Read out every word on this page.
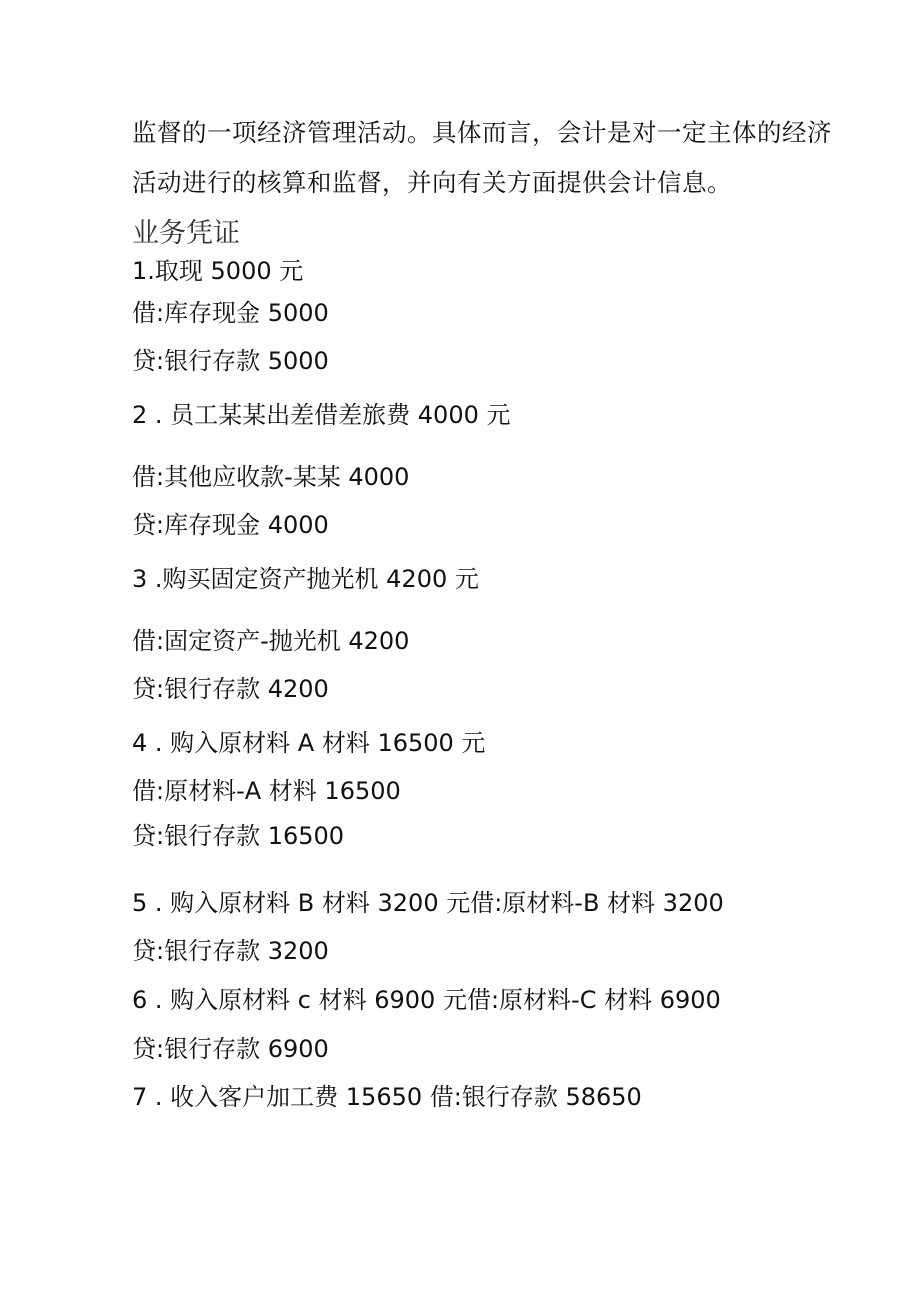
监督的一项经济管理活动。具体而言，会计是对一定主体的经济

活动进行的核算和监督，并向有关方面提供会计信息。

业务凭证

1.取现 5000 元

借:库存现金 5000

贷:银行存款 5000

2 . 员工某某出差借差旅费 4000 元

借:其他应收款-某某 4000

贷:库存现金 4000

3 .购买固定资产抛光机 4200 元

借:固定资产-抛光机 4200

贷:银行存款 4200

4 . 购入原材料 A 材料 16500 元

借:原材料-A 材料 16500

贷:银行存款 16500

5 . 购入原材料 B 材料 3200 元借:原材料-B 材料 3200

贷:银行存款 3200

6 . 购入原材料 c 材料 6900 元借:原材料-C 材料 6900

贷:银行存款 6900

7 . 收入客户加工费 15650 借:银行存款 58650
